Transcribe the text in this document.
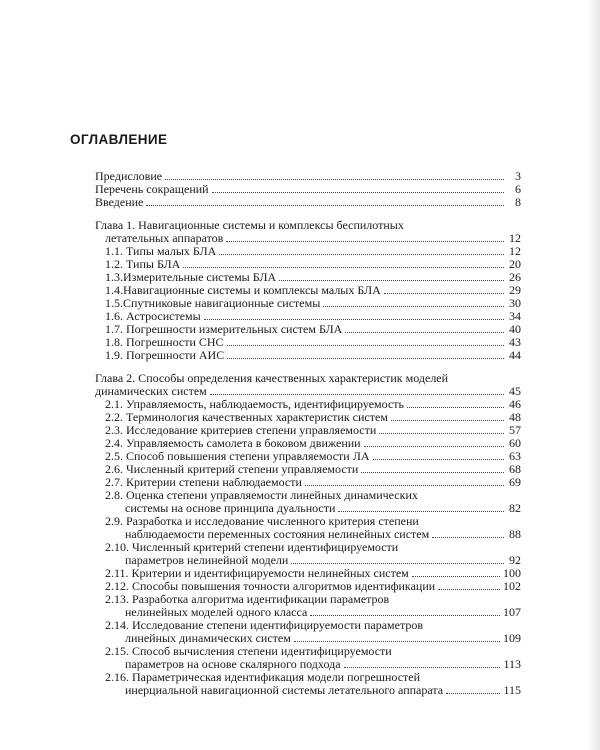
ОГЛАВЛЕНИЕ
Предисловие	3
Перечень сокращений	6
Введение	8
Глава 1. Навигационные системы и комплексы беспилотных
летательных аппаратов	12
1.1. Типы малых БЛА	12
1.2. Типы БЛА	20
1.3.Измерительные системы БЛА	26
1.4.Навигационные системы и комплексы малых БЛА	29
1.5.Спутниковые навигационные системы	30
1.6. Астросистемы	34
1.7. Погрешности измерительных систем БЛА	40
1.8. Погрешности СНС	43
1.9. Погрешности АИС	44
Глава 2. Способы определения качественных характеристик моделей
динамических систем	45
2.1. Управляемость, наблюдаемость, идентифицируемость	46
2.2. Терминология качественных характеристик систем	48
2.3. Исследование критериев степени управляемости	57
2.4. Управляемость самолета в боковом движении	60
2.5. Способ повышения степени управляемости ЛА	63
2.6. Численный критерий степени управляемости	68
2.7. Критерии степени наблюдаемости	69
2.8. Оценка степени управляемости линейных динамических
системы на основе принципа дуальности	82
2.9. Разработка и исследование численного критерия степени
наблюдаемости переменных состояния нелинейных систем	88
2.10. Численный критерий степени идентифицируемости
параметров нелинейной модели	92
2.11. Критерии и идентифицируемости нелинейных систем	100
2.12. Способы повышения точности алгоритмов идентификации	102
2.13. Разработка алгоритма идентификации параметров
нелинейных моделей одного класса	107
2.14. Исследование степени идентифицируемости параметров
линейных динамических систем	109
2.15. Способ вычисления степени идентифицируемости
параметров на основе скалярного подхода	113
2.16. Параметрическая идентификация модели погрешностей
инерциальной навигационной системы летательного аппарата	115
